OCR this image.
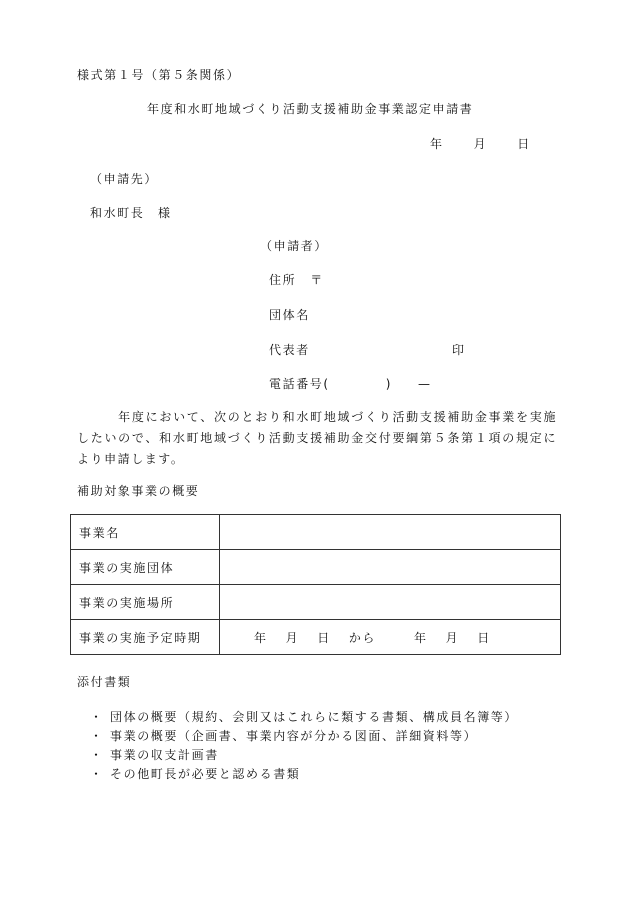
様式第１号（第５条関係）
年度和水町地域づくり活動支援補助金事業認定申請書
年	月	日
（申請先）
和水町長　様
（申請者）
住所 〒
団体名
代表者	印
電話番号(	) —
　　　年度において、次のとおり和水町地域づくり活動支援補助金事業を実施したいので、和水町地域づくり活動支援補助金交付要綱第５条第１項の規定により申請します。
補助対象事業の概要
事業名	
事業の実施団体	
事業の実施場所	
事業の実施予定時期	年 月 日 から 年 月 日
添付書類
・ 団体の概要（規約、会則又はこれらに類する書類、構成員名簿等）
・ 事業の概要（企画書、事業内容が分かる図面、詳細資料等）
・ 事業の収支計画書
・ その他町長が必要と認める書類
